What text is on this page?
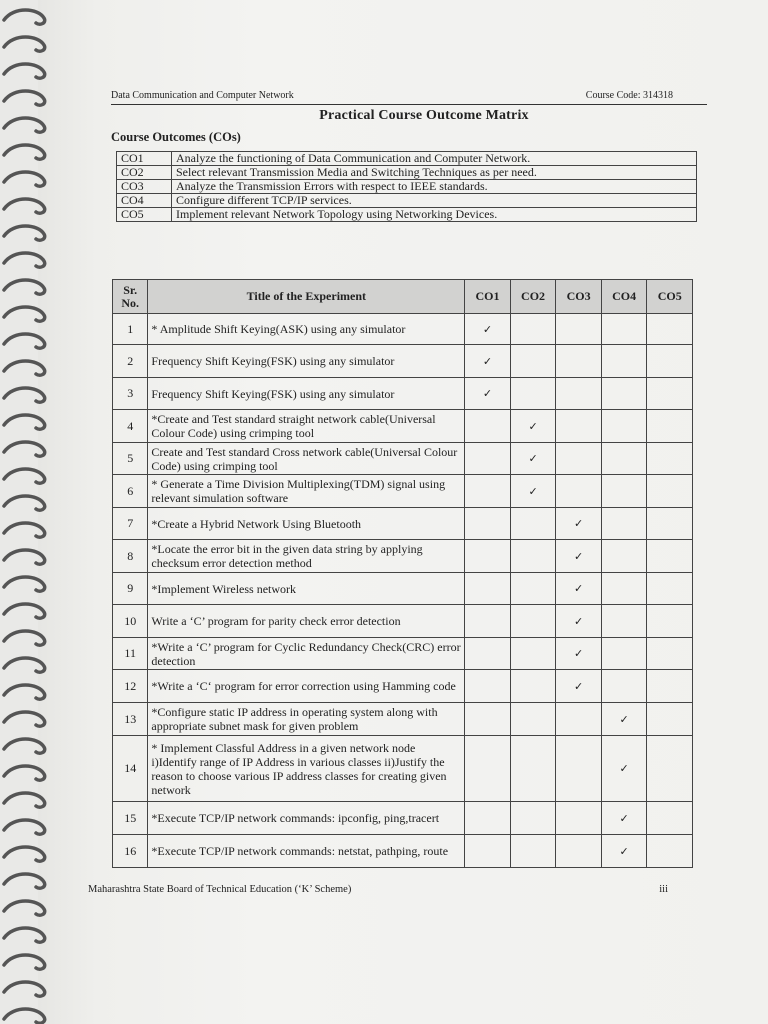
Data Communication and Computer Network	Course Code: 314318
Practical Course Outcome Matrix
Course Outcomes (COs)
CO1	Analyze the functioning of Data Communication and Computer Network.
CO2	Select relevant Transmission Media and Switching Techniques as per need.
CO3	Analyze the Transmission Errors with respect to IEEE standards.
CO4	Configure different TCP/IP services.
CO5	Implement relevant Network Topology using Networking Devices.
Sr. No.	Title of the Experiment	CO1	CO2	CO3	CO4	CO5
1	* Amplitude Shift Keying(ASK) using any simulator	✓				
2	Frequency Shift Keying(FSK) using any simulator	✓				
3	Frequency Shift Keying(FSK) using any simulator	✓				
4	*Create and Test standard straight network cable(Universal Colour Code) using crimping tool		✓			
5	Create and Test standard Cross network cable(Universal Colour Code) using crimping tool		✓			
6	* Generate a Time Division Multiplexing(TDM) signal using relevant simulation software		✓			
7	*Create a Hybrid Network Using Bluetooth			✓		
8	*Locate the error bit in the given data string by applying checksum error detection method			✓		
9	*Implement Wireless network			✓		
10	Write a ‘C’ program for parity check error detection			✓		
11	*Write a ‘C’ program for Cyclic Redundancy Check(CRC) error detection			✓		
12	*Write a ‘C‘ program for error correction using Hamming code			✓		
13	*Configure static IP address in operating system along with appropriate subnet mask for given problem				✓	
14	* Implement Classful Address in a given network node i)Identify range of IP Address in various classes ii)Justify the reason to choose various IP address classes for creating given network				✓	
15	*Execute TCP/IP network commands: ipconfig, ping,tracert				✓	
16	*Execute TCP/IP network commands: netstat, pathping, route				✓	
Maharashtra State Board of Technical Education (‘K’ Scheme)	iii
